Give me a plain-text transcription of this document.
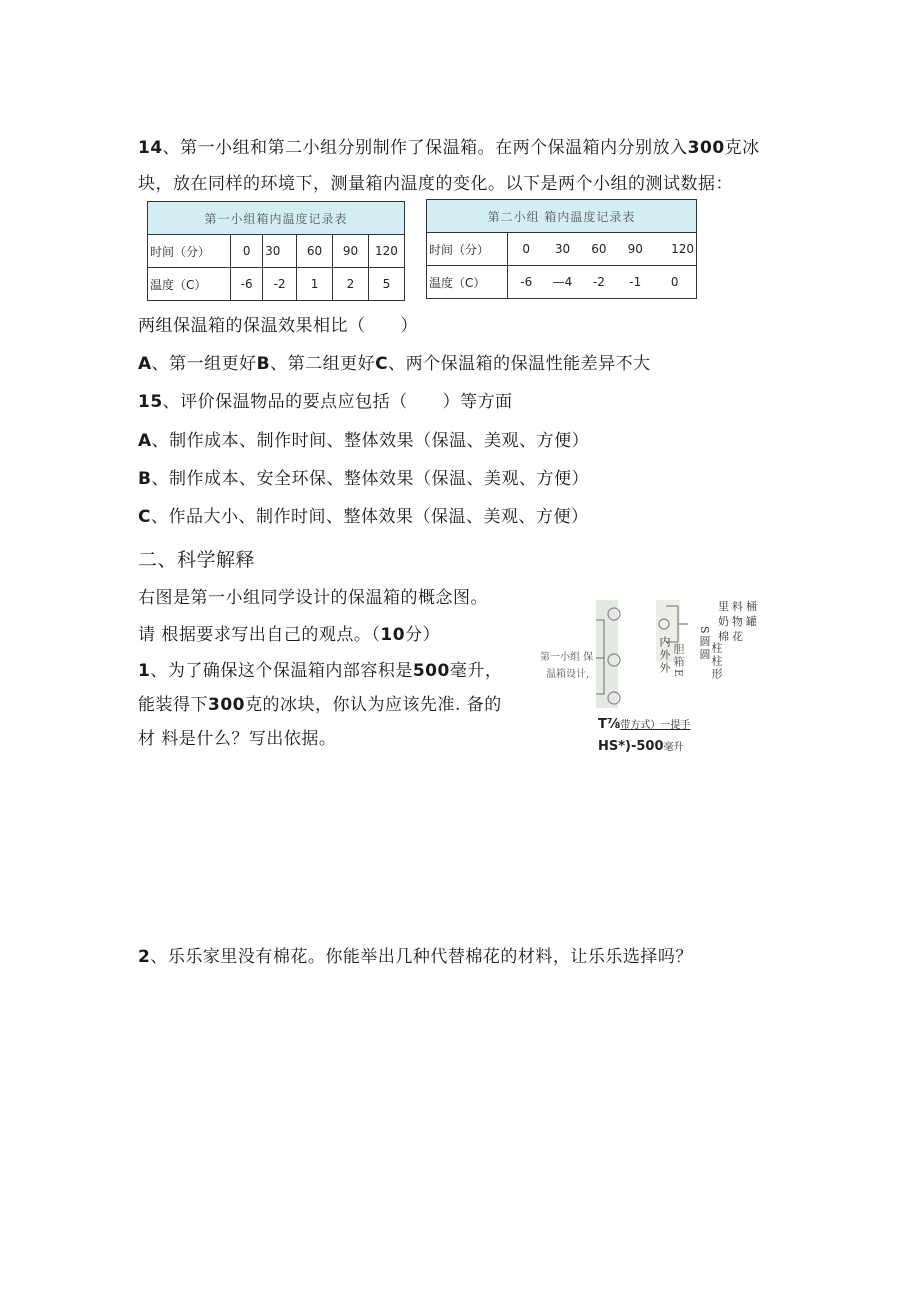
14、第一小组和第二小组分别制作了保温箱。在两个保温箱内分别放入300克冰
块，放在同样的环境下，测量箱内温度的变化。以下是两个小组的测试数据：
第一小组箱内温度记录表					
时间（分）	0	30	60	90	120
温度（C）	-6	-2	1	2	5
第二小组 箱内温度记录表					
时间（分）	0	30	60	90	120
温度（C）	-6	—4	-2	-1	0
两组保温箱的保温效果相比（　　）
A、第一组更好B、第二组更好C、两个保温箱的保温性能差异不大
15、评价保温物品的要点应包括（　　）等方面
A、制作成本、制作时间、整体效果（保温、美观、方便）
B、制作成本、安全环保、整体效果（保温、美观、方便）
C、作品大小、制作时间、整体效果（保温、美观、方便）
二、科学解释
右图是第一小组同学设计的保温箱的概念图。
请 根据要求写出自己的观点。（10分）
1、为了确保这个保温箱内部容积是500毫升，
能装得下300克的冰块，你认为应该先准. 备的
材 料是什么？写出依据。
2、乐乐家里没有棉花。你能举出几种代替棉花的材料，让乐乐选择吗？
第一小组 保
温箱设计,	内外外 胆箱E S圆圆 柱柱形
里料桶
奶物罐
棉花
T⅞带方式）一提手
HS*)-500毫升
